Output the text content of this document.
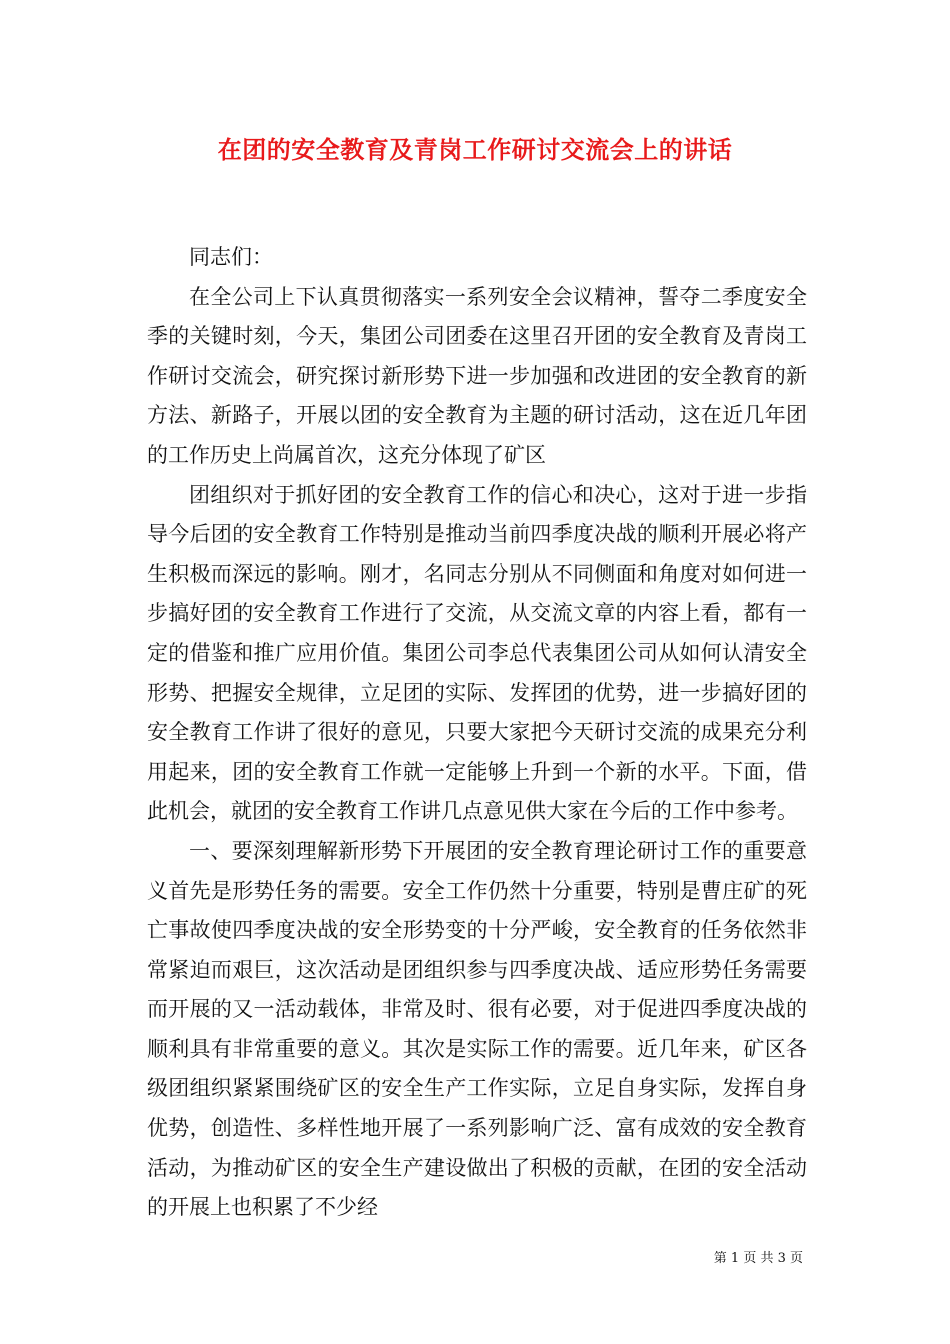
在团的安全教育及青岗工作研讨交流会上的讲话

同志们：

在全公司上下认真贯彻落实一系列安全会议精神，誓夺二季度安全季的关键时刻，今天，集团公司团委在这里召开团的安全教育及青岗工作研讨交流会，研究探讨新形势下进一步加强和改进团的安全教育的新方法、新路子，开展以团的安全教育为主题的研讨活动，这在近几年团的工作历史上尚属首次，这充分体现了矿区

团组织对于抓好团的安全教育工作的信心和决心，这对于进一步指导今后团的安全教育工作特别是推动当前四季度决战的顺利开展必将产生积极而深远的影响。刚才，名同志分别从不同侧面和角度对如何进一步搞好团的安全教育工作进行了交流，从交流文章的内容上看，都有一定的借鉴和推广应用价值。集团公司李总代表集团公司从如何认清安全形势、把握安全规律，立足团的实际、发挥团的优势，进一步搞好团的安全教育工作讲了很好的意见，只要大家把今天研讨交流的成果充分利用起来，团的安全教育工作就一定能够上升到一个新的水平。下面，借此机会，就团的安全教育工作讲几点意见供大家在今后的工作中参考。

一、要深刻理解新形势下开展团的安全教育理论研讨工作的重要意义首先是形势任务的需要。安全工作仍然十分重要，特别是曹庄矿的死亡事故使四季度决战的安全形势变的十分严峻，安全教育的任务依然非常紧迫而艰巨，这次活动是团组织参与四季度决战、适应形势任务需要而开展的又一活动载体，非常及时、很有必要，对于促进四季度决战的顺利具有非常重要的意义。其次是实际工作的需要。近几年来，矿区各级团组织紧紧围绕矿区的安全生产工作实际，立足自身实际，发挥自身优势，创造性、多样性地开展了一系列影响广泛、富有成效的安全教育活动，为推动矿区的安全生产建设做出了积极的贡献，在团的安全活动的开展上也积累了不少经

第 1 页 共 3 页
